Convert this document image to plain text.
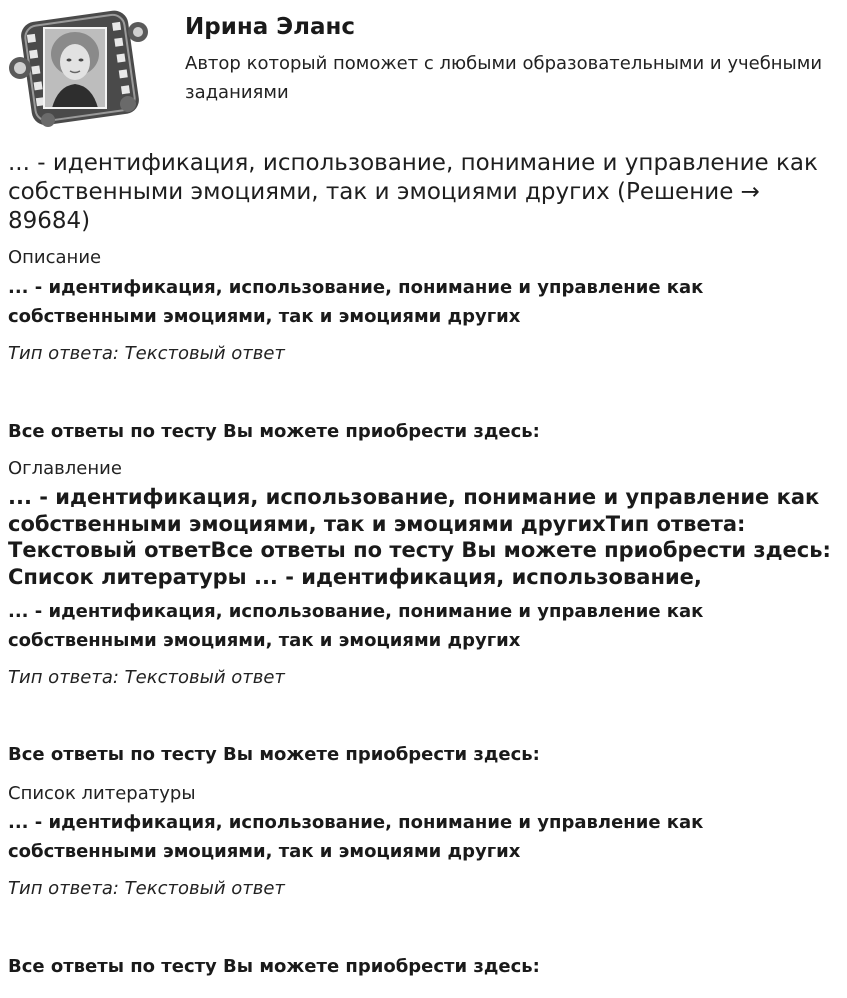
Ирина Эланс
Автор который поможет с любыми образовательными и учебными заданиями
... - идентификация, использование, понимание и управление как собственными эмоциями, так и эмоциями других (Решение → 89684)
Описание
... - идентификация, использование, понимание и управление как собственными эмоциями, так и эмоциями других
Тип ответа: Текстовый ответ
Все ответы по тесту Вы можете приобрести здесь:
Оглавление
... - идентификация, использование, понимание и управление как собственными эмоциями, так и эмоциями другихТип ответа: Текстовый ответВсе ответы по тесту Вы можете приобрести здесь: Список литературы ... - идентификация, использование,
... - идентификация, использование, понимание и управление как собственными эмоциями, так и эмоциями других
Тип ответа: Текстовый ответ
Все ответы по тесту Вы можете приобрести здесь:
Список литературы
... - идентификация, использование, понимание и управление как собственными эмоциями, так и эмоциями других
Тип ответа: Текстовый ответ
Все ответы по тесту Вы можете приобрести здесь:
